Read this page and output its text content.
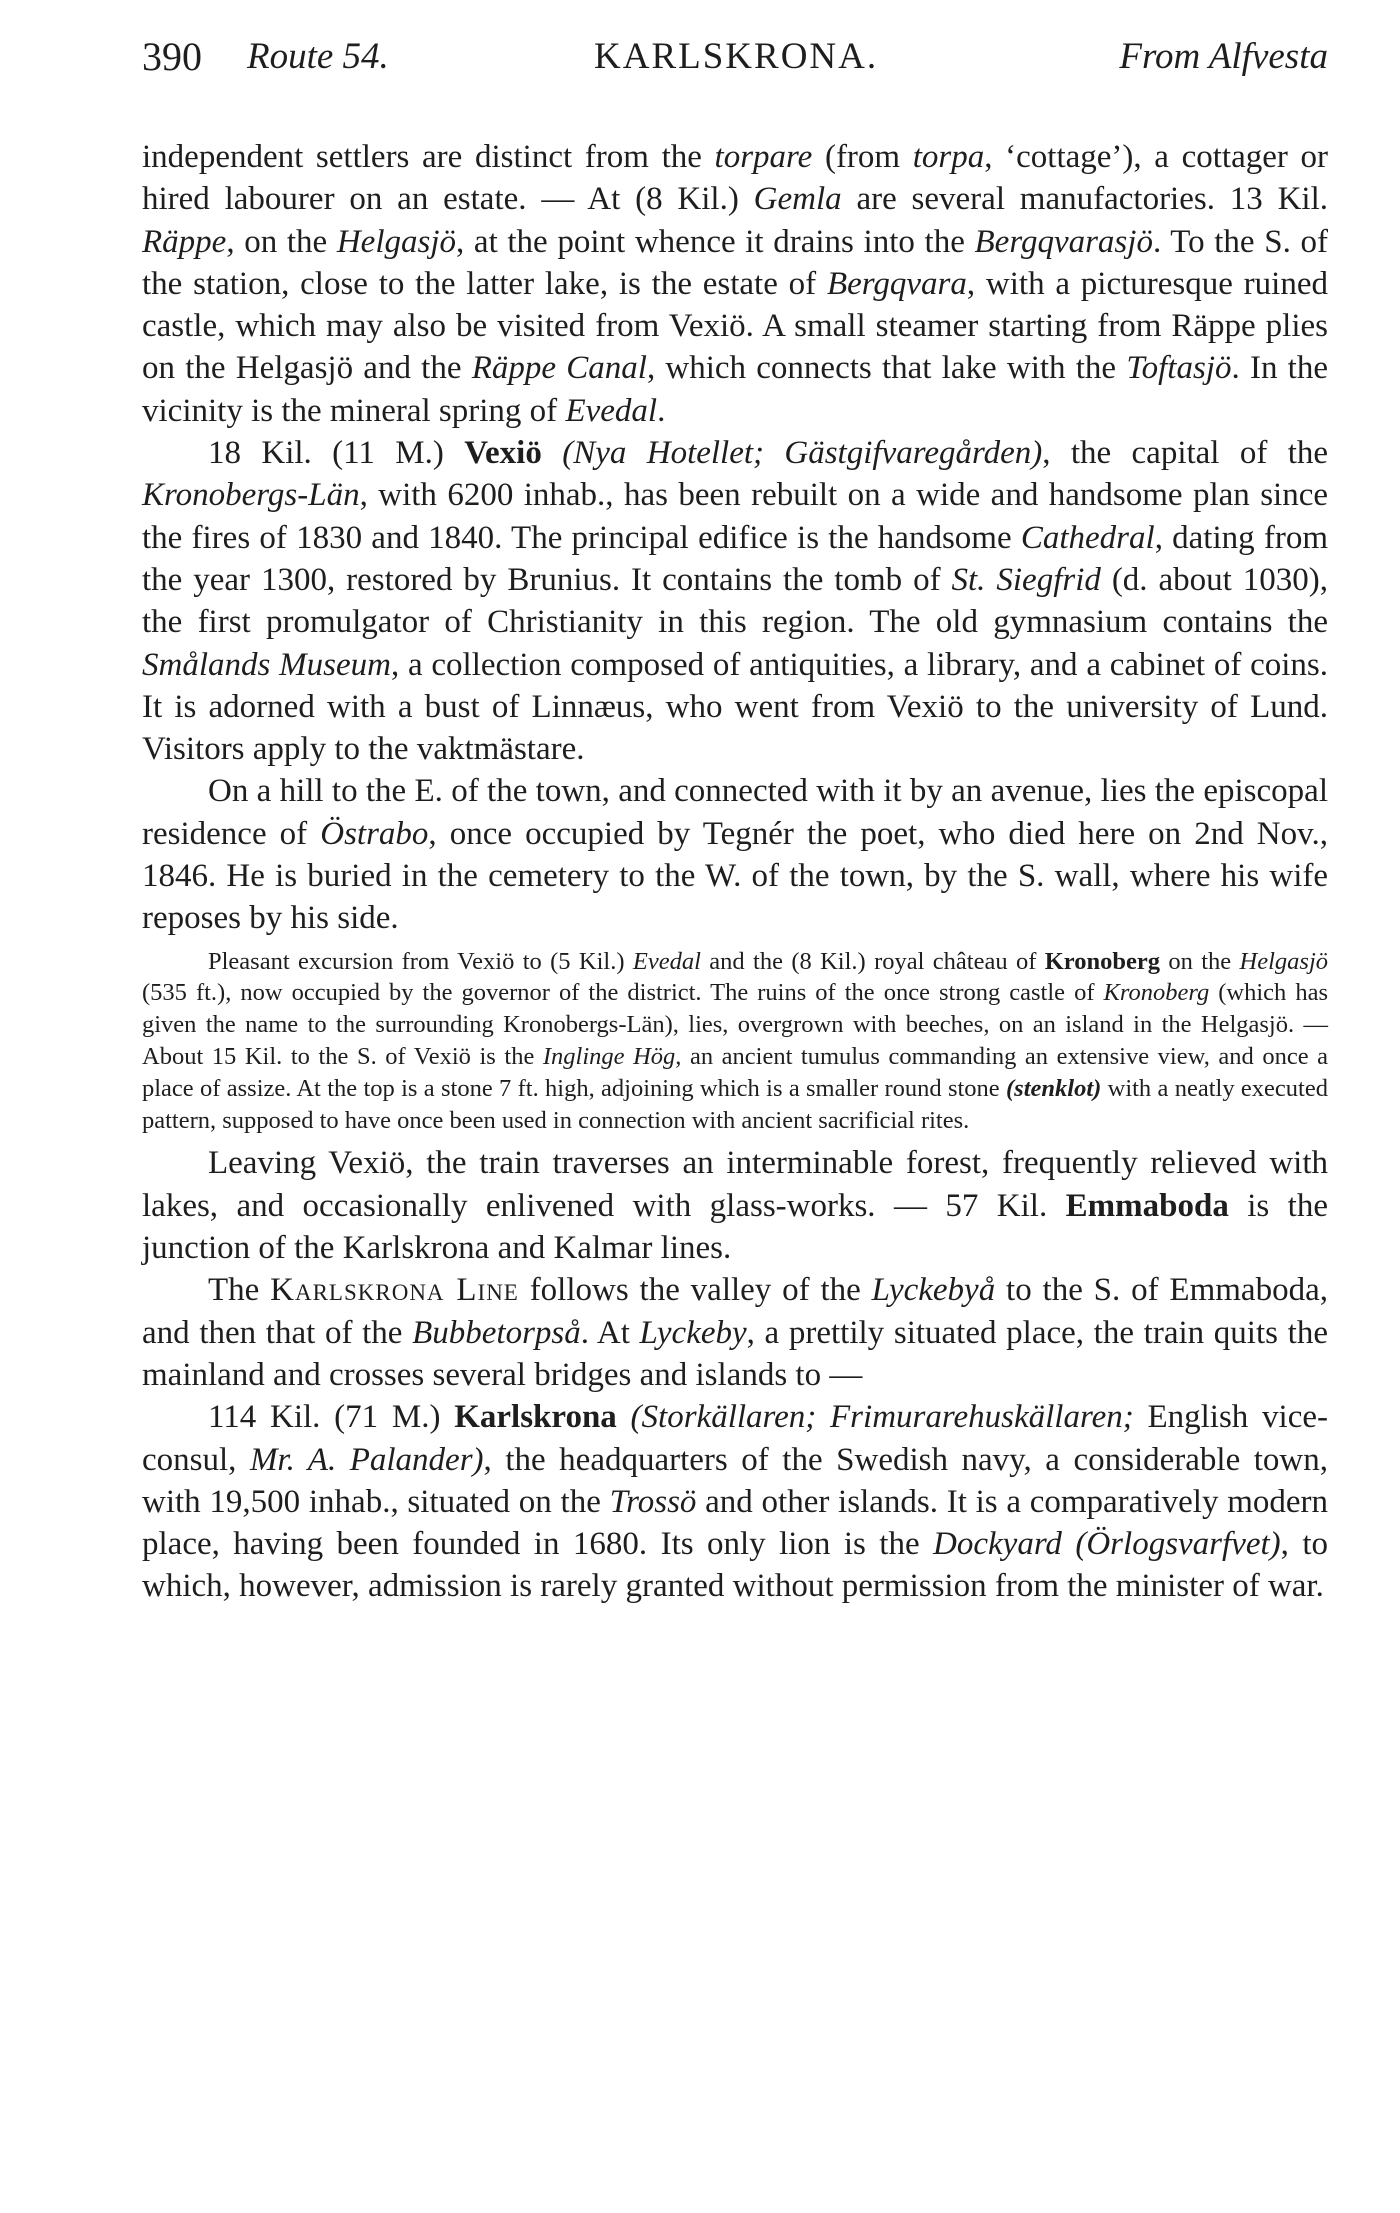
390 Route 54.	KARLSKRONA.	From Alfvesta

independent settlers are distinct from the torpare (from torpa, ‘cottage’), a cottager or hired labourer on an estate. — At (8 Kil.) Gemla are several manufactories. 13 Kil. Räppe, on the Helgasjö, at the point whence it drains into the Bergqvarasjö. To the S. of the station, close to the latter lake, is the estate of Bergqvara, with a picturesque ruined castle, which may also be visited from Vexiö. A small steamer starting from Räppe plies on the Helgasjö and the Räppe Canal, which connects that lake with the Toftasjö. In the vicinity is the mineral spring of Evedal.

18 Kil. (11 M.) Vexiö (Nya Hotellet; Gästgifvaregården), the capital of the Kronobergs-Län, with 6200 inhab., has been rebuilt on a wide and handsome plan since the fires of 1830 and 1840. The principal edifice is the handsome Cathedral, dating from the year 1300, restored by Brunius. It contains the tomb of St. Siegfrid (d. about 1030), the first promulgator of Christianity in this region. The old gymnasium contains the Smålands Museum, a collection composed of antiquities, a library, and a cabinet of coins. It is adorned with a bust of Linnæus, who went from Vexiö to the university of Lund. Visitors apply to the vaktmästare.

On a hill to the E. of the town, and connected with it by an avenue, lies the episcopal residence of Östrabo, once occupied by Tegnér the poet, who died here on 2nd Nov., 1846. He is buried in the cemetery to the W. of the town, by the S. wall, where his wife reposes by his side.

Pleasant excursion from Vexiö to (5 Kil.) Evedal and the (8 Kil.) royal château of Kronoberg on the Helgasjö (535 ft.), now occupied by the governor of the district. The ruins of the once strong castle of Kronoberg (which has given the name to the surrounding Kronobergs-Län), lies, overgrown with beeches, on an island in the Helgasjö. — About 15 Kil. to the S. of Vexiö is the Inglinge Hög, an ancient tumulus commanding an extensive view, and once a place of assize. At the top is a stone 7 ft. high, adjoining which is a smaller round stone (stenklot) with a neatly executed pattern, supposed to have once been used in connection with ancient sacrificial rites.

Leaving Vexiö, the train traverses an interminable forest, frequently relieved with lakes, and occasionally enlivened with glass-works. — 57 Kil. Emmaboda is the junction of the Karlskrona and Kalmar lines.

The Karlskrona Line follows the valley of the Lyckebyå to the S. of Emmaboda, and then that of the Bubbetorpså. At Lyckeby, a prettily situated place, the train quits the mainland and crosses several bridges and islands to —

114 Kil. (71 M.) Karlskrona (Storkällaren; Frimurarehuskällaren; English vice-consul, Mr. A. Palander), the headquarters of the Swedish navy, a considerable town, with 19,500 inhab., situated on the Trossö and other islands. It is a comparatively modern place, having been founded in 1680. Its only lion is the Dockyard (Örlogsvarfvet), to which, however, admission is rarely granted without permission from the minister of war.
